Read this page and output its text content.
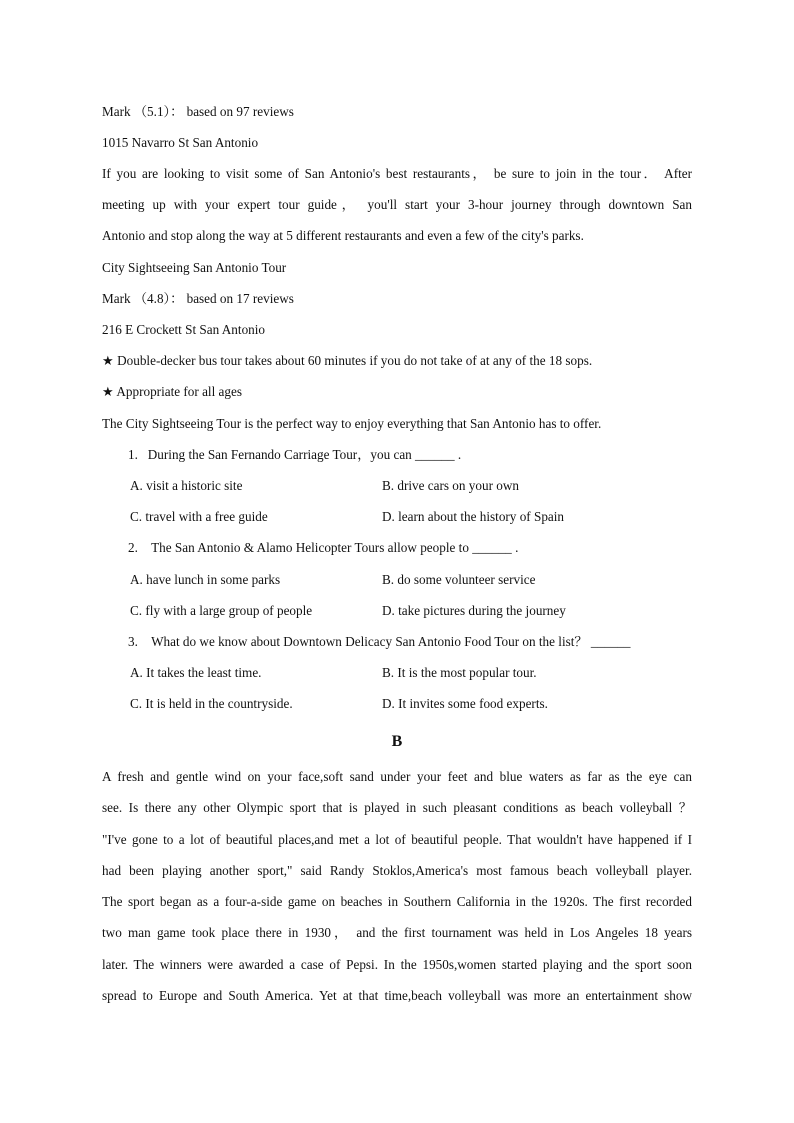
Mark （5.1）： based on 97 reviews
1015 Navarro St San Antonio
If you are looking to visit some of San Antonio's best restaurants， be sure to join in the tour． After
meeting up with your expert tour guide， you'll start your 3-hour journey through downtown San
Antonio and stop along the way at 5 different restaurants and even a few of the city's parks.
City Sightseeing San Antonio Tour
Mark （4.8）： based on 17 reviews
216 E Crockett St San Antonio
★ Double-decker bus tour takes about 60 minutes if you do not take of at any of the 18 sops.
★ Appropriate for all ages
The City Sightseeing Tour is the perfect way to enjoy everything that San Antonio has to offer.
1. During the San Fernando Carriage Tour，you can ______ .
A. visit a historic site	B. drive cars on your own
C. travel with a free guide	D. learn about the history of Spain
2. The San Antonio & Alamo Helicopter Tours allow people to ______ .
A. have lunch in some parks	B. do some volunteer service
C. fly with a large group of people	D. take pictures during the journey
3. What do we know about Downtown Delicacy San Antonio Food Tour on the list？ ______
A. It takes the least time.	B. It is the most popular tour.
C. It is held in the countryside.	D. It invites some food experts.
B
A fresh and gentle wind on your face,soft sand under your feet and blue waters as far as the eye can
see. Is there any other Olympic sport that is played in such pleasant conditions as beach volleyball ？
"I've gone to a lot of beautiful places,and met a lot of beautiful people. That wouldn't have happened if I
had been playing another sport," said Randy Stoklos,America's most famous beach volleyball player.
The sport began as a four-a-side game on beaches in Southern California in the 1920s. The first recorded
two man game took place there in 1930， and the first tournament was held in Los Angeles 18 years
later. The winners were awarded a case of Pepsi. In the 1950s,women started playing and the sport soon
spread to Europe and South America. Yet at that time,beach volleyball was more an entertainment show
